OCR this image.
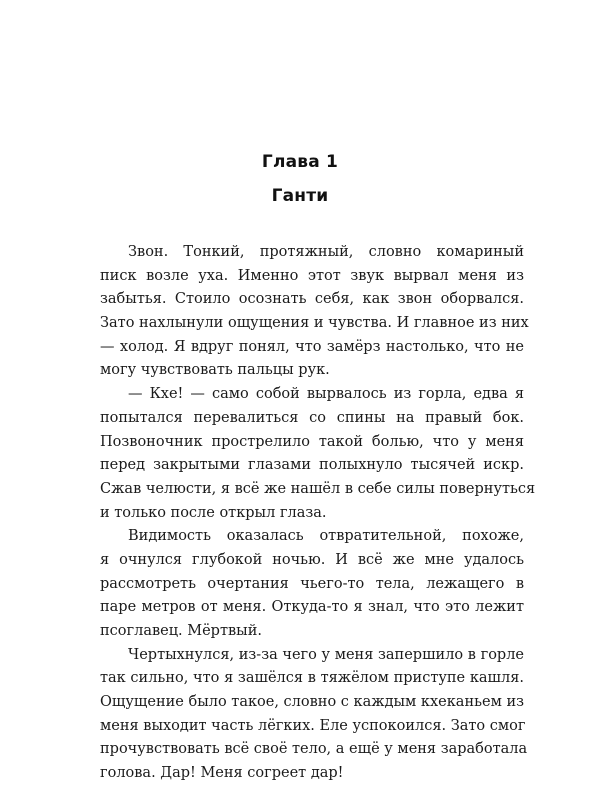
Глава 1
Ганти
Звон. Тонкий, протяжный, словно комариный
писк возле уха. Именно этот звук вырвал меня из
забытья. Стоило осознать себя, как звон оборвался.
Зато нахлынули ощущения и чувства. И главное из них
— холод. Я вдруг понял, что замёрз настолько, что не
могу чувствовать пальцы рук.
— Кхе! — само собой вырвалось из горла, едва я
попытался перевалиться со спины на правый бок.
Позвоночник прострелило такой болью, что у меня
перед закрытыми глазами полыхнуло тысячей искр.
Сжав челюсти, я всё же нашёл в себе силы повернуться
и только после открыл глаза.
Видимость оказалась отвратительной, похоже,
я очнулся глубокой ночью. И всё же мне удалось
рассмотреть очертания чьего-то тела, лежащего в
паре метров от меня. Откуда-то я знал, что это лежит
псоглавец. Мёртвый.
Чертыхнулся, из-за чего у меня запершило в горле
так сильно, что я зашёлся в тяжёлом приступе кашля.
Ощущение было такое, словно с каждым кхеканьем из
меня выходит часть лёгких. Еле успокоился. Зато смог
прочувствовать всё своё тело, а ещё у меня заработала
голова. Дар! Меня согреет дар!
